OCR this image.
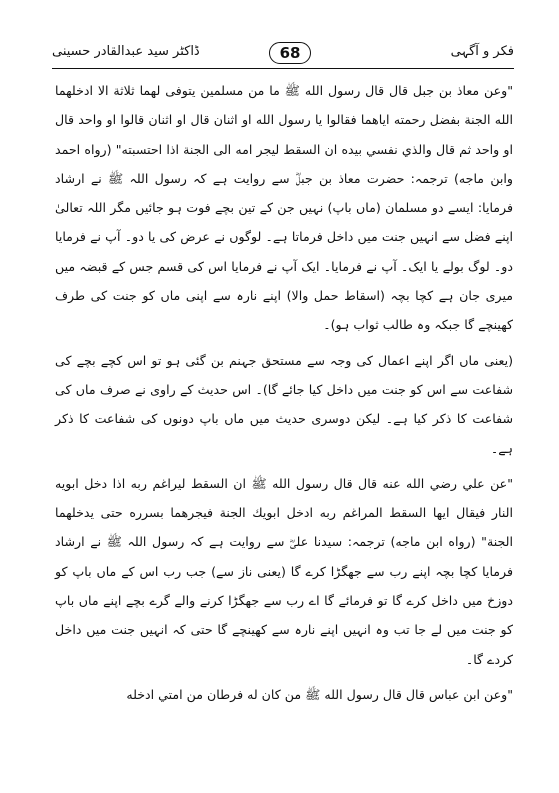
ڈاکٹر سید عبدالقادر حسینی	68	فکر و آگہی

"وعن معاذ بن جبل قال قال رسول الله ﷺ ما من مسلمين يتوفى لهما ثلاثة الا ادخلهما الله الجنة بفضل رحمته اياهما فقالوا يا رسول الله او اثنان قال او اثنان قالوا او واحد قال او واحد ثم قال والذي نفسي بيده ان السقط ليجر امه الى الجنة اذا احتسبته" (رواه احمد وابن ماجه) ترجمہ: حضرت معاذ بن جبلؓ سے روایت ہے کہ رسول اللہ ﷺ نے ارشاد فرمایا: ایسے دو مسلمان (ماں باپ) نہیں جن کے تین بچے فوت ہو جائیں مگر اللہ تعالیٰ اپنے فضل سے انہیں جنت میں داخل فرماتا ہے۔ لوگوں نے عرض کی یا دو۔ آپ نے فرمایا دو۔ لوگ بولے یا ایک۔ آپ نے فرمایا۔ ایک آپ نے فرمایا اس کی قسم جس کے قبضہ میں میری جان ہے کچا بچہ (اسقاط حمل والا) اپنے نارہ سے اپنی ماں کو جنت کی طرف کھینچے گا جبکہ وہ طالب ثواب ہو)۔

(یعنی ماں اگر اپنے اعمال کی وجہ سے مستحق جہنم بن گئی ہو تو اس کچے بچے کی شفاعت سے اس کو جنت میں داخل کیا جائے گا)۔ اس حدیث کے راوی نے صرف ماں کی شفاعت کا ذکر کیا ہے۔ لیکن دوسری حدیث میں ماں باپ دونوں کی شفاعت کا ذکر ہے۔

"عن علي رضي الله عنه قال قال رسول الله ﷺ ان السقط ليراغم ربه اذا دخل ابويه النار فيقال ايها السقط المراغم ربه ادخل ابويك الجنة فيجرهما بسرره حتى يدخلهما الجنة" (رواه ابن ماجه) ترجمہ: سیدنا علیؓ سے روایت ہے کہ رسول اللہ ﷺ نے ارشاد فرمایا کچا بچہ اپنے رب سے جھگڑا کرے گا (یعنی ناز سے) جب رب اس کے ماں باپ کو دوزخ میں داخل کرے گا تو فرمائے گا اے رب سے جھگڑا کرنے والے گرے بچے اپنے ماں باپ کو جنت میں لے جا تب وہ انہیں اپنے نارہ سے کھینچے گا حتی کہ انہیں جنت میں داخل کردے گا۔

"وعن ابن عباس قال قال رسول الله ﷺ من كان له فرطان من امتي ادخله
